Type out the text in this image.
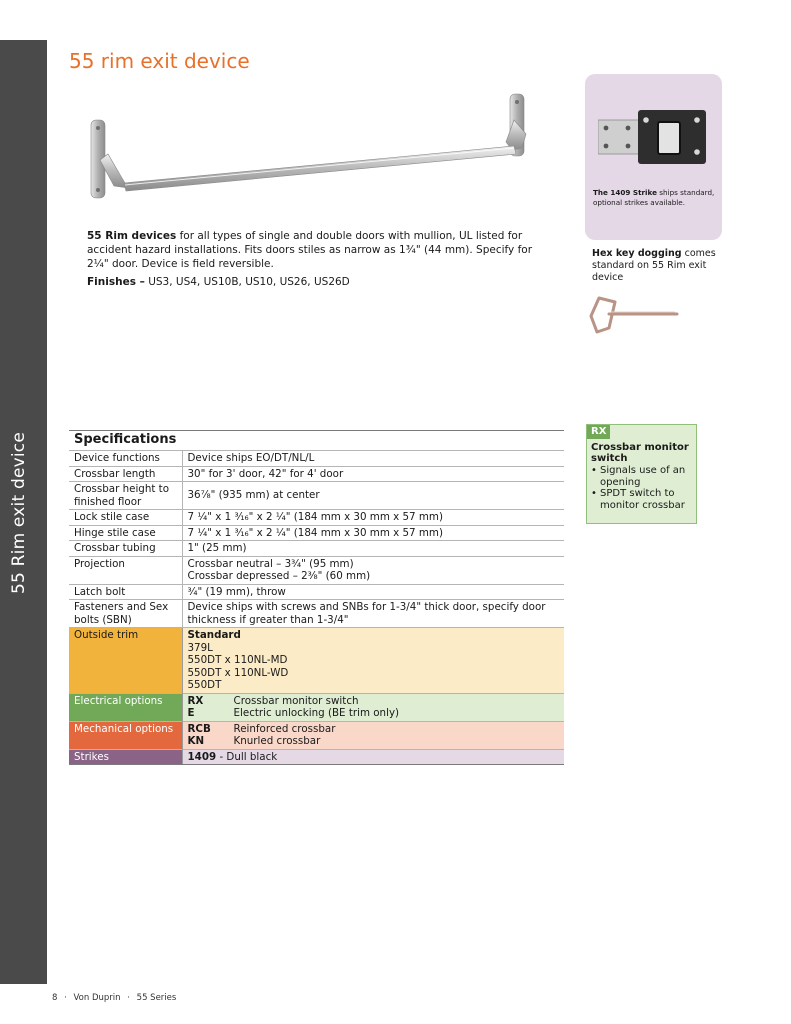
55 Rim exit device
55 rim exit device

55 Rim devices for all types of single and double doors with mullion, UL listed for accident hazard installations. Fits doors stiles as narrow as 1³⁄₄" (44 mm). Specify for 2¹⁄₄" door. Device is field reversible.

Finishes – US3, US4, US10B, US10, US26, US26D

The 1409 Strike ships standard, optional strikes available.

Hex key dogging comes standard on 55 Rim exit device

Specifications	
Device functions	Device ships EO/DT/NL/L
Crossbar length	30" for 3' door, 42" for 4' door
Crossbar height to finished floor	36⁷⁄₈" (935 mm) at center
Lock stile case	7 ¹⁄₄" x 1 ³⁄₁₆" x 2 ¹⁄₄" (184 mm x 30 mm x 57 mm)
Hinge stile case	7 ¹⁄₄" x 1 ³⁄₁₆" x 2 ¹⁄₄" (184 mm x 30 mm x 57 mm)
Crossbar tubing	1" (25 mm)
Projection	Crossbar neutral – 3³⁄₄" (95 mm)
Crossbar depressed – 2³⁄₈" (60 mm)

Latch bolt	³⁄₄" (19 mm), throw
Fasteners and Sex bolts (SBN)	Device ships with screws and SNBs for 1-3/4" thick door, specify door thickness if greater than 1-3/4"
Outside trim	Standard
379L
550DT x 110NL-MD
550DT x 110NL-WD
550DT

Electrical options	RX Crossbar monitor switch
E Electric unlocking (BE trim only)

Mechanical options	RCB Reinforced crossbar
KN Knurled crossbar

Strikes	1409 - Dull black
RX
Crossbar monitor switch
• Signals use of an opening
• SPDT switch to monitor crossbar
8 · Von Duprin · 55 Series
